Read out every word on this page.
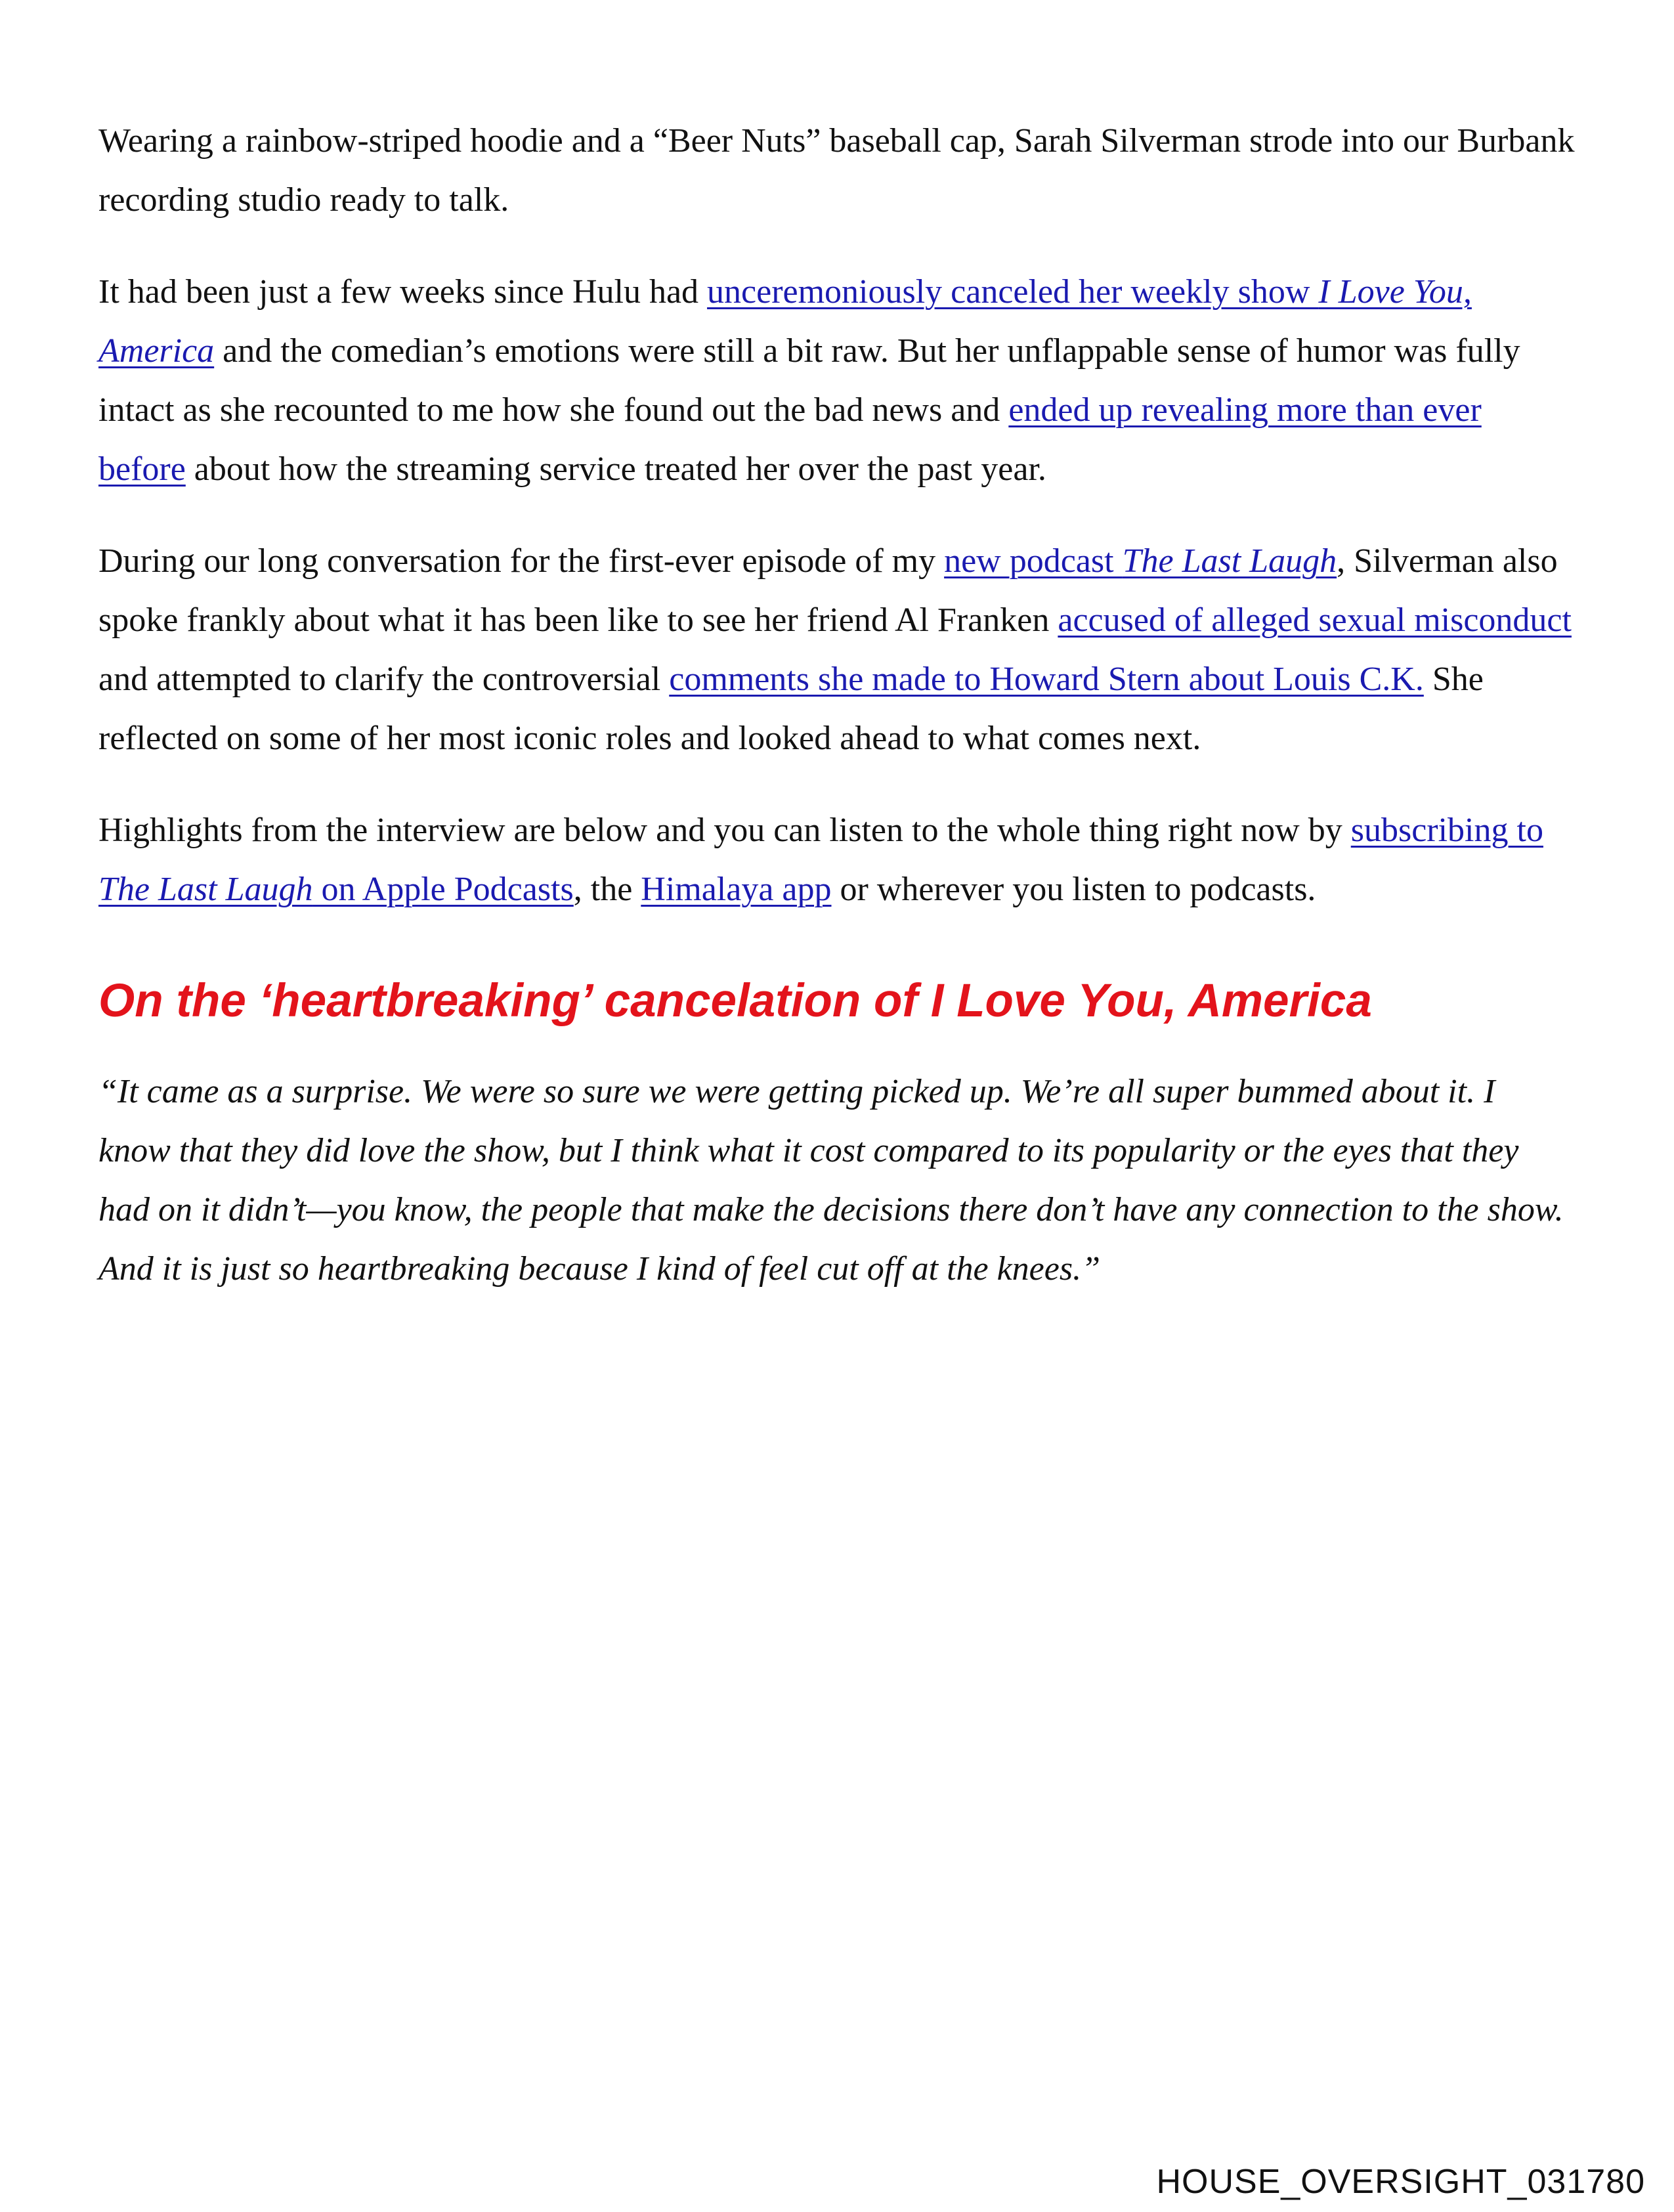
Wearing a rainbow-striped hoodie and a “Beer Nuts” baseball cap, Sarah Silverman strode into our Burbank recording studio ready to talk.

It had been just a few weeks since Hulu had unceremoniously canceled her weekly show I Love You, America and the comedian’s emotions were still a bit raw. But her unflappable sense of humor was fully intact as she recounted to me how she found out the bad news and ended up revealing more than ever before about how the streaming service treated her over the past year.

During our long conversation for the first-ever episode of my new podcast The Last Laugh, Silverman also spoke frankly about what it has been like to see her friend Al Franken accused of alleged sexual misconduct and attempted to clarify the controversial comments she made to Howard Stern about Louis C.K. She reflected on some of her most iconic roles and looked ahead to what comes next.

Highlights from the interview are below and you can listen to the whole thing right now by subscribing to The Last Laugh on Apple Podcasts, the Himalaya app or wherever you listen to podcasts.

On the ‘heartbreaking’ cancelation of I Love You, America

“It came as a surprise. We were so sure we were getting picked up. We’re all super bummed about it. I know that they did love the show, but I think what it cost compared to its popularity or the eyes that they had on it didn’t—you know, the people that make the decisions there don’t have any connection to the show. And it is just so heartbreaking because I kind of feel cut off at the knees.”

HOUSE_OVERSIGHT_031780
